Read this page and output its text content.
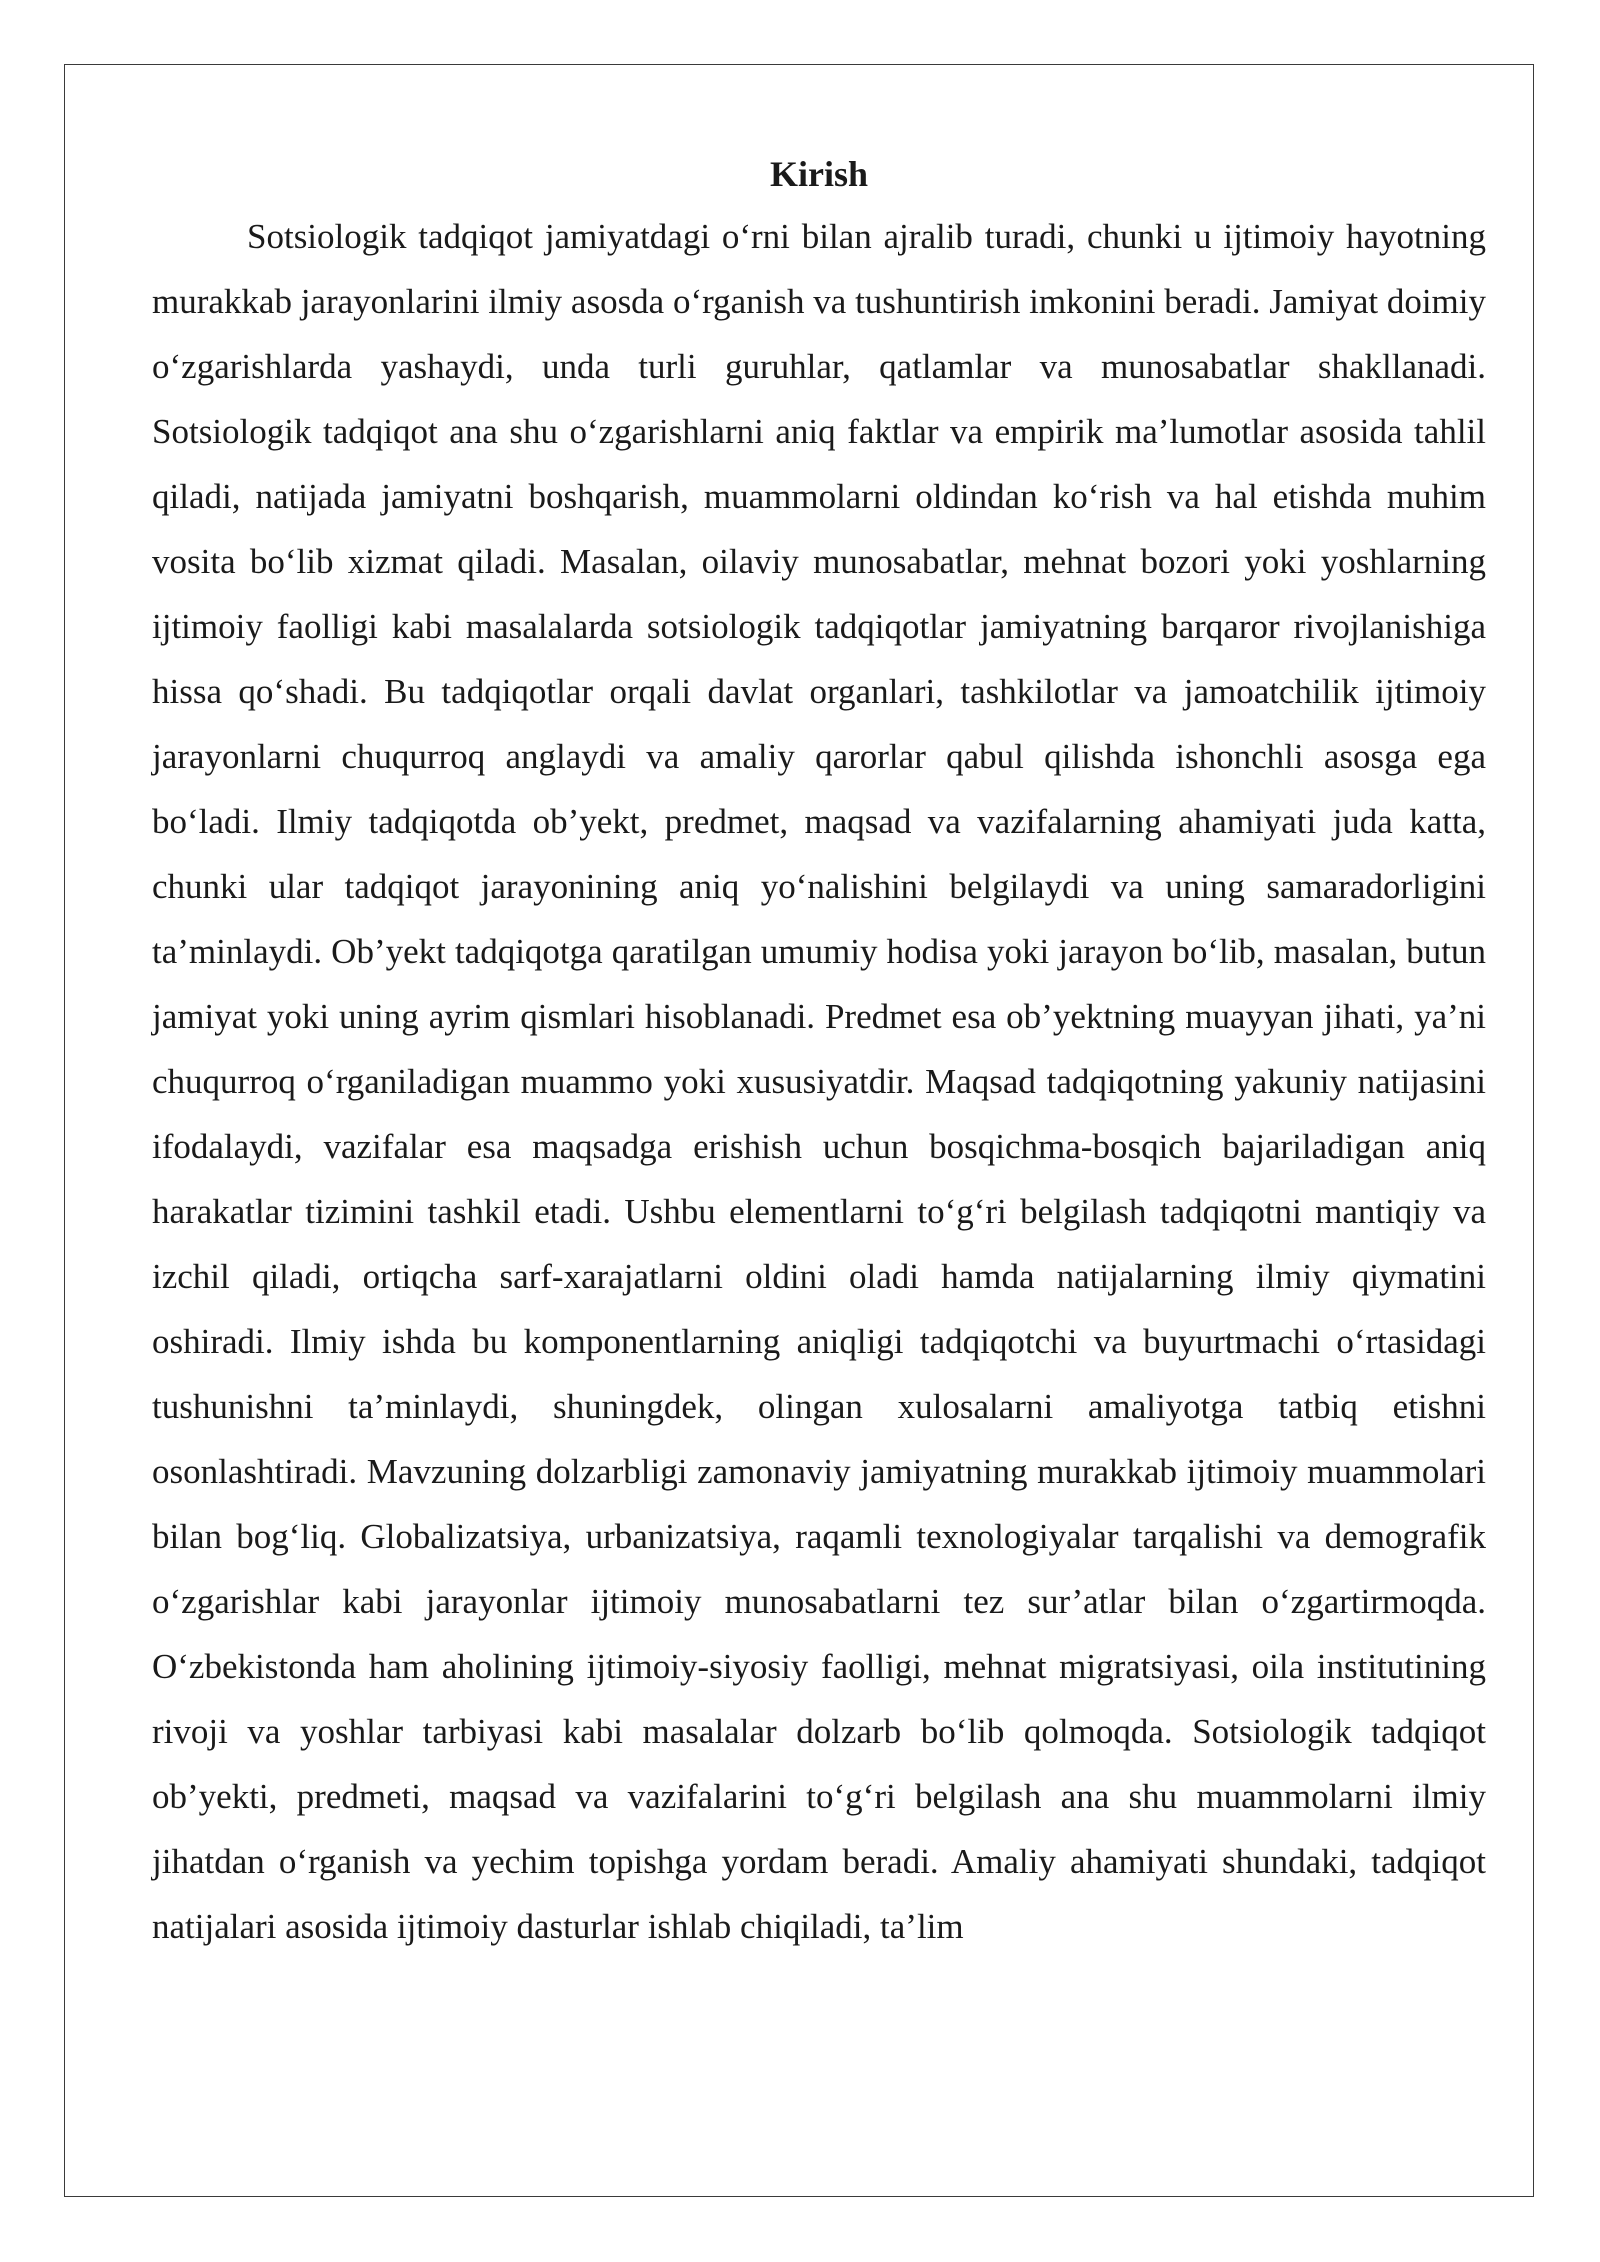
Kirish

Sotsiologik tadqiqot jamiyatdagi o‘rni bilan ajralib turadi, chunki u ijtimoiy hayotning murakkab jarayonlarini ilmiy asosda o‘rganish va tushuntirish imkonini beradi. Jamiyat doimiy o‘zgarishlarda yashaydi, unda turli guruhlar, qatlamlar va munosabatlar shakllanadi. Sotsiologik tadqiqot ana shu o‘zgarishlarni aniq faktlar va empirik ma’lumotlar asosida tahlil qiladi, natijada jamiyatni boshqarish, muammolarni oldindan ko‘rish va hal etishda muhim vosita bo‘lib xizmat qiladi. Masalan, oilaviy munosabatlar, mehnat bozori yoki yoshlarning ijtimoiy faolligi kabi masalalarda sotsiologik tadqiqotlar jamiyatning barqaror rivojlanishiga hissa qo‘shadi. Bu tadqiqotlar orqali davlat organlari, tashkilotlar va jamoatchilik ijtimoiy jarayonlarni chuqurroq anglaydi va amaliy qarorlar qabul qilishda ishonchli asosga ega bo‘ladi. Ilmiy tadqiqotda ob’yekt, predmet, maqsad va vazifalarning ahamiyati juda katta, chunki ular tadqiqot jarayonining aniq yo‘nalishini belgilaydi va uning samaradorligini ta’minlaydi. Ob’yekt tadqiqotga qaratilgan umumiy hodisa yoki jarayon bo‘lib, masalan, butun jamiyat yoki uning ayrim qismlari hisoblanadi. Predmet esa ob’yektning muayyan jihati, ya’ni chuqurroq o‘rganiladigan muammo yoki xususiyatdir. Maqsad tadqiqotning yakuniy natijasini ifodalaydi, vazifalar esa maqsadga erishish uchun bosqichma-bosqich bajariladigan aniq harakatlar tizimini tashkil etadi. Ushbu elementlarni to‘g‘ri belgilash tadqiqotni mantiqiy va izchil qiladi, ortiqcha sarf-xarajatlarni oldini oladi hamda natijalarning ilmiy qiymatini oshiradi. Ilmiy ishda bu komponentlarning aniqligi tadqiqotchi va buyurtmachi o‘rtasidagi tushunishni ta’minlaydi, shuningdek, olingan xulosalarni amaliyotga tatbiq etishni osonlashtiradi. Mavzuning dolzarbligi zamonaviy jamiyatning murakkab ijtimoiy muammolari bilan bog‘liq. Globalizatsiya, urbanizatsiya, raqamli texnologiyalar tarqalishi va demografik o‘zgarishlar kabi jarayonlar ijtimoiy munosabatlarni tez sur’atlar bilan o‘zgartirmoqda. O‘zbekistonda ham aholining ijtimoiy-siyosiy faolligi, mehnat migratsiyasi, oila institutining rivoji va yoshlar tarbiyasi kabi masalalar dolzarb bo‘lib qolmoqda. Sotsiologik tadqiqot ob’yekti, predmeti, maqsad va vazifalarini to‘g‘ri belgilash ana shu muammolarni ilmiy jihatdan o‘rganish va yechim topishga yordam beradi. Amaliy ahamiyati shundaki, tadqiqot natijalari asosida ijtimoiy dasturlar ishlab chiqiladi, ta’lim
